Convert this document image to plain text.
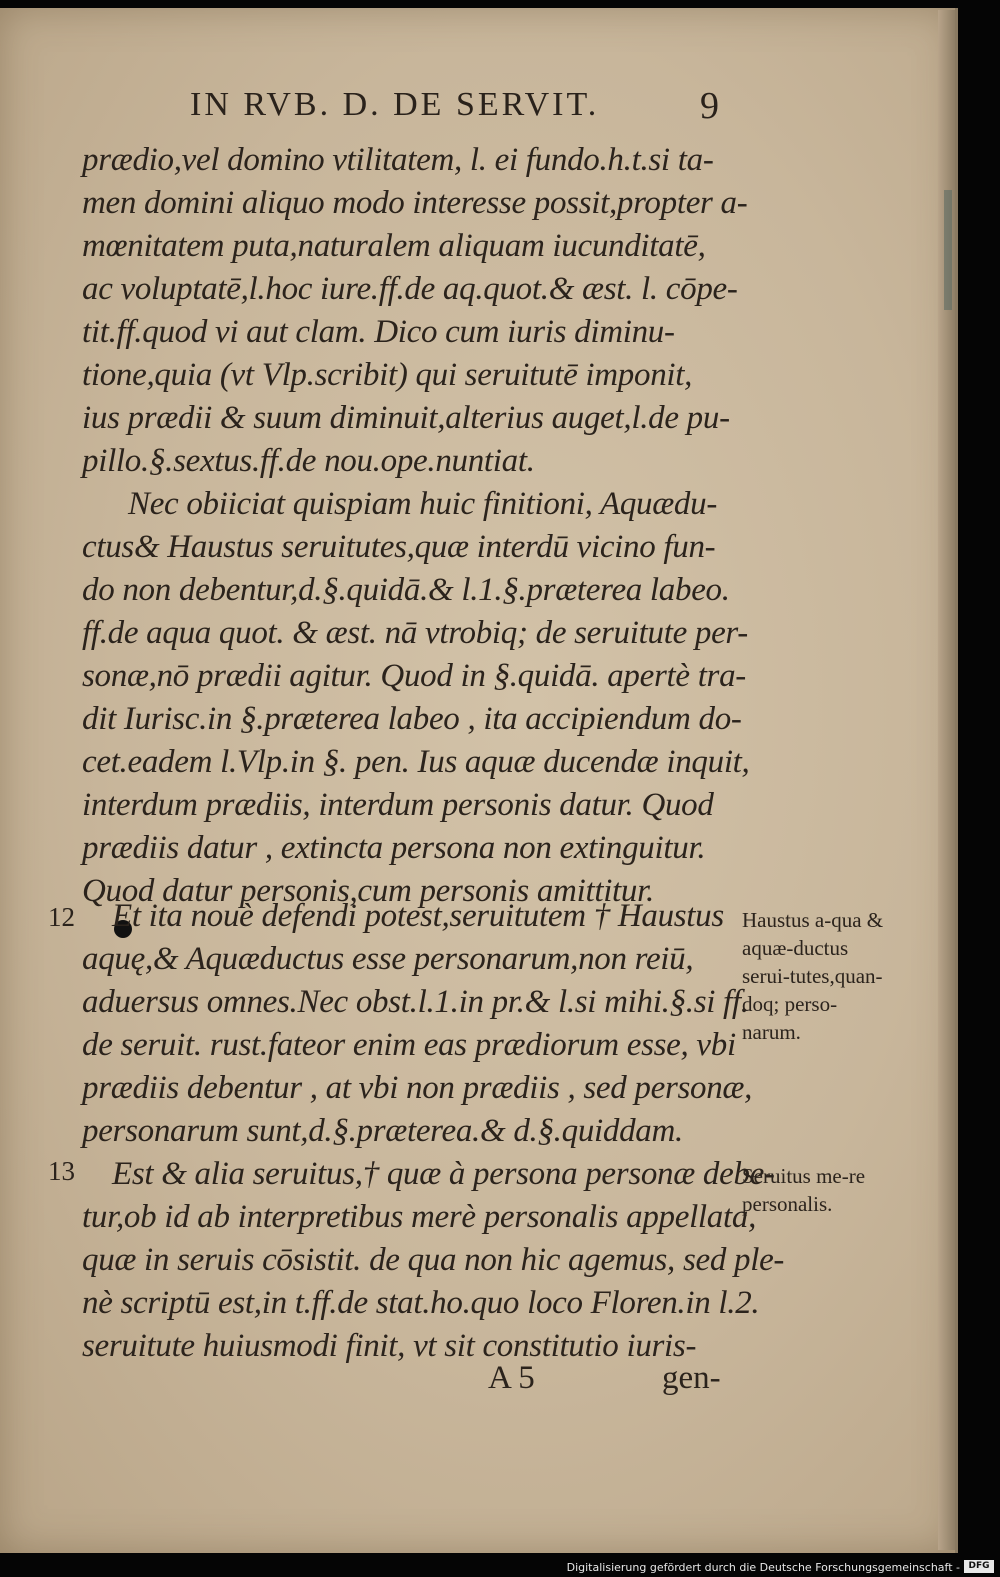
IN RVB. D. DE SERVIT.	9
prædio,vel domino vtilitatem, l. ei fundo.h.t.si ta-
men domini aliquo modo interesse possit,propter a-
mœnitatem puta,naturalem aliquam iucunditatē,
ac voluptatē,l.hoc iure.ff.de aq.quot.& æst. l. cōpe-
tit.ff.quod vi aut clam. Dico cum iuris diminu-
tione,quia (vt Vlp.scribit) qui seruitutē imponit,
ius prædii & suum diminuit,alterius auget,l.de pu-
pillo.§.sextus.ff.de nou.ope.nuntiat.
Nec obiiciat quispiam huic finitioni, Aquædu-
ctus& Haustus seruitutes,quæ interdū vicino fun-
do non debentur,d.§.quidā.& l.1.§.præterea labeo.
ff.de aqua quot. & æst. nā vtrobiq; de seruitute per-
sonæ,nō prædii agitur. Quod in §.quidā. apertè tra-
dit Iurisc.in §.præterea labeo , ita accipiendum do-
cet.eadem l.Vlp.in §. pen. Ius aquæ ducendæ inquit,
interdum prædiis, interdum personis datur. Quod
prædiis datur , extincta persona non extinguitur.
Quod datur personis,cum personis amittitur.
12 Et ita nouè defendi potest,seruitutem † Haustus
aquę,& Aquæductus esse personarum,non reiū,
aduersus omnes.Nec obst.l.1.in pr.& l.si mihi.§.si ff.
de seruit. rust.fateor enim eas prædiorum esse, vbi
prædiis debentur , at vbi non prædiis , sed personæ,
personarum sunt,d.§.præterea.& d.§.quiddam.
13 Est & alia seruitus,† quæ à persona personæ debe-
tur,ob id ab interpretibus merè personalis appellata,
quæ in seruis cōsistit. de qua non hic agemus, sed ple-
nè scriptū est,in t.ff.de stat.ho.quo loco Floren.in l.2.
seruitute huiusmodi finit, vt sit constitutio iuris-
Haustus a-qua & aquæ-ductus serui-tutes,quan-doq; perso-narum.
Seruitus me-re personalis.
A 5	gen-
Digitalisierung gefördert durch die Deutsche Forschungsgemeinschaft - DFG
